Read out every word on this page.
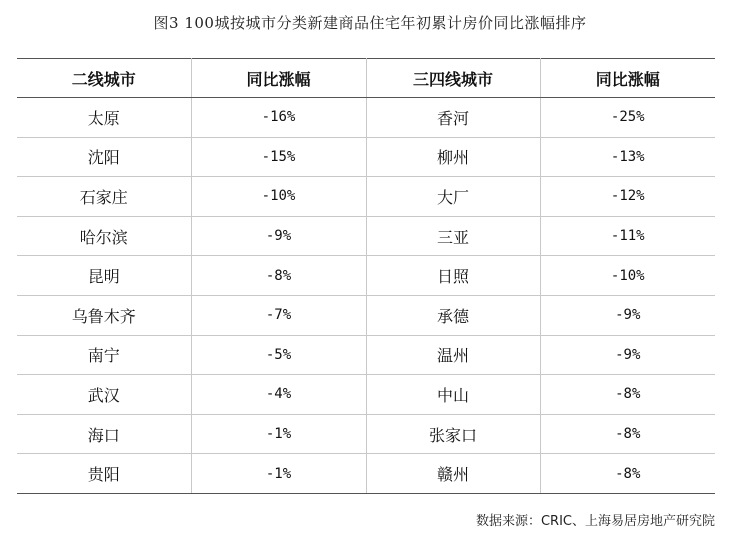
图3 100城按城市分类新建商品住宅年初累计房价同比涨幅排序
二线城市	同比涨幅	三四线城市	同比涨幅
太原	-16%	香河	-25%
沈阳	-15%	柳州	-13%
石家庄	-10%	大厂	-12%
哈尔滨	-9%	三亚	-11%
昆明	-8%	日照	-10%
乌鲁木齐	-7%	承德	-9%
南宁	-5%	温州	-9%
武汉	-4%	中山	-8%
海口	-1%	张家口	-8%
贵阳	-1%	赣州	-8%
数据来源：CRIC、上海易居房地产研究院
